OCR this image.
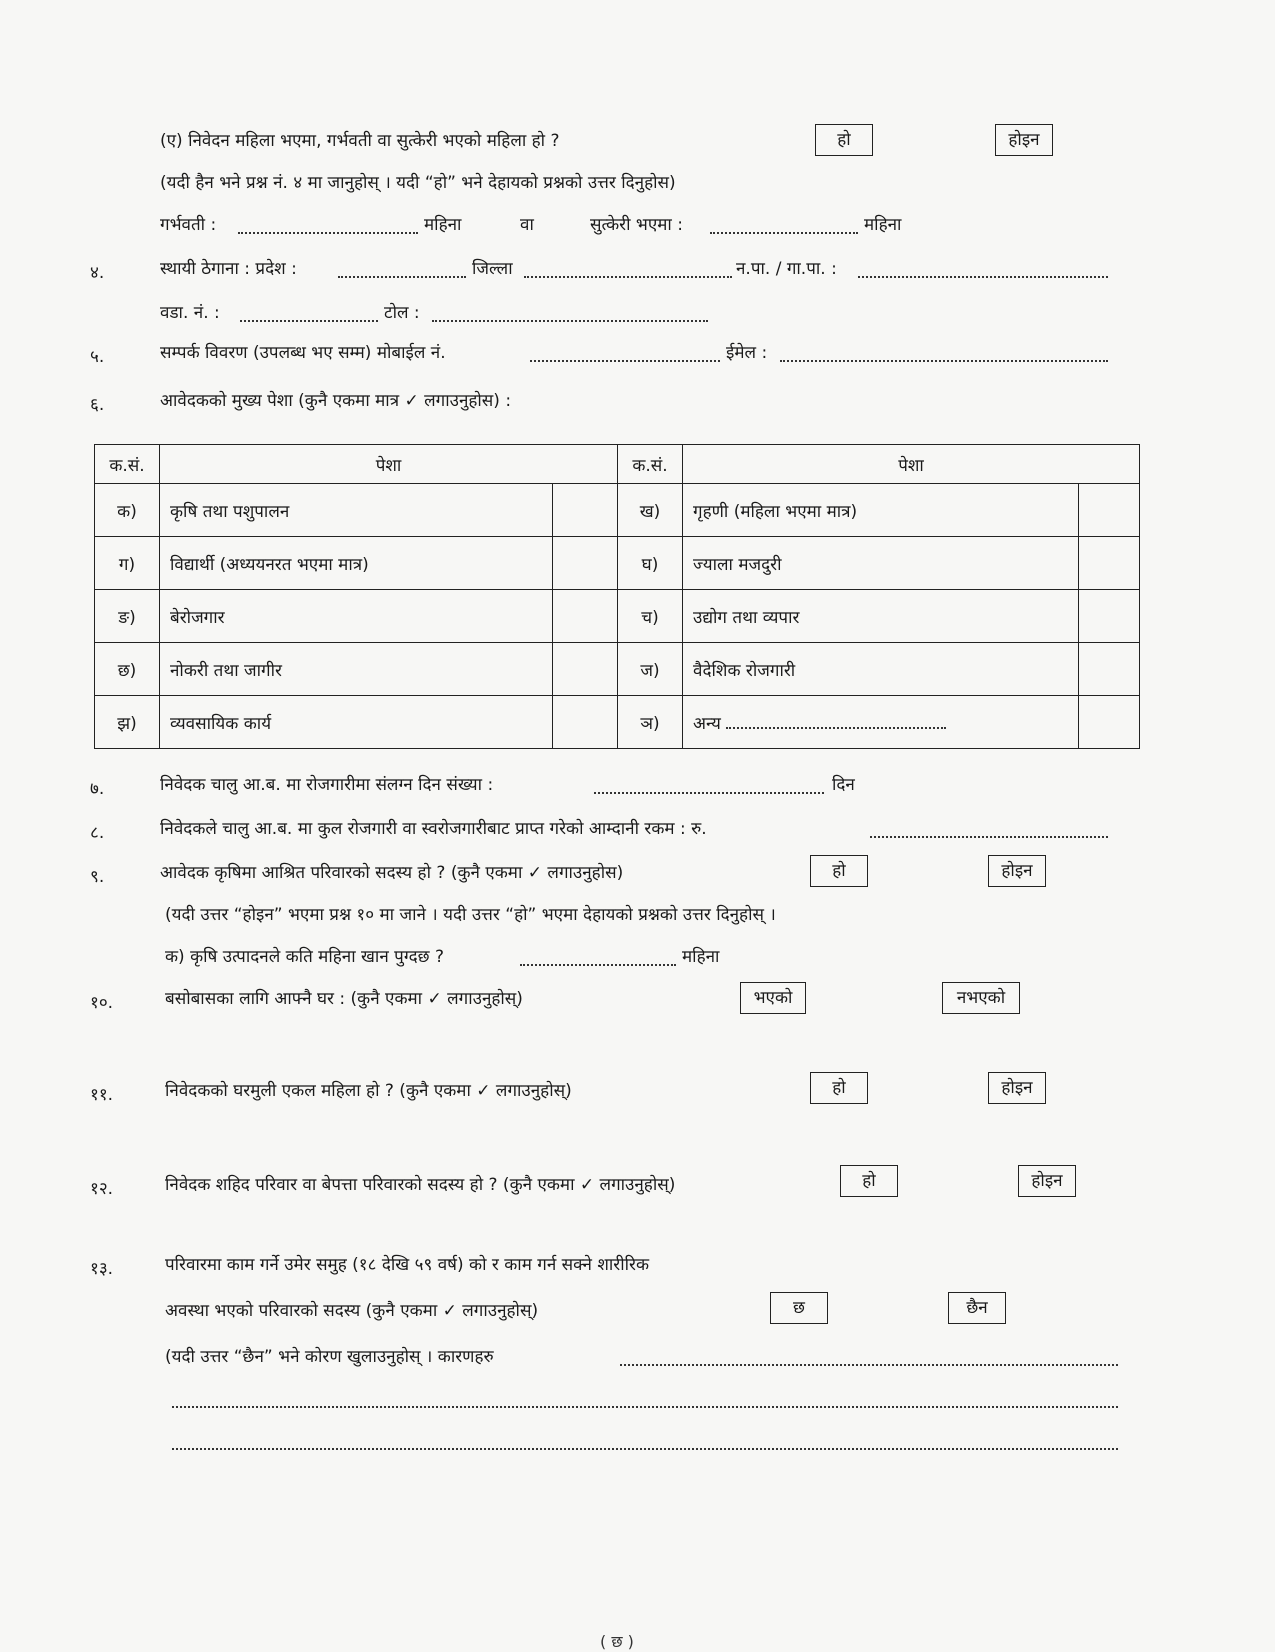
(ए) निवेदन महिला भएमा, गर्भवती वा सुत्केरी भएको महिला हो ?	हो	होइन
(यदी हैन भने प्रश्न नं. ४ मा जानुहोस् । यदी “हो” भने देहायको प्रश्नको उत्तर दिनुहोस)
गर्भवती :	महिना	वा	सुत्केरी भएमा :	महिना
४.	स्थायी ठेगाना : प्रदेश :	जिल्ला	न.पा. / गा.पा. :
वडा. नं. :	टोल :
५.	सम्पर्क विवरण (उपलब्ध भए सम्म) मोबाईल नं.	ईमेल :
६.	आवेदकको मुख्य पेशा (कुनै एकमा मात्र ✓ लगाउनुहोस) :
क.सं.	पेशा		क.सं.	पेशा	
क)	कृषि तथा पशुपालन		ख)	गृहणी (महिला भएमा मात्र)	
ग)	विद्यार्थी (अध्ययनरत भएमा मात्र)		घ)	ज्याला मजदुरी	
ङ)	बेरोजगार		च)	उद्योग तथा व्यपार	
छ)	नोकरी तथा जागीर		ज)	वैदेशिक रोजगारी	
झ)	व्यवसायिक कार्य		ञ)	अन्य	
७.	निवेदक चालु आ.ब. मा रोजगारीमा संलग्न दिन संख्या :	दिन
८.	निवेदकले चालु आ.ब. मा कुल रोजगारी वा स्वरोजगारीबाट प्राप्त गरेको आम्दानी रकम : रु.
९.	आवेदक कृषिमा आश्रित परिवारको सदस्य हो ? (कुनै एकमा ✓ लगाउनुहोस)	हो	होइन
(यदी उत्तर “होइन” भएमा प्रश्न १० मा जाने । यदी उत्तर “हो” भएमा देहायको प्रश्नको उत्तर दिनुहोस् ।
क) कृषि उत्पादनले कति महिना खान पुग्दछ ?	महिना
१०.	बसोबासका लागि आफ्नै घर : (कुनै एकमा ✓ लगाउनुहोस्)	भएको	नभएको
११.	निवेदकको घरमुली एकल महिला हो ? (कुनै एकमा ✓ लगाउनुहोस्)	हो	होइन
१२.	निवेदक शहिद परिवार वा बेपत्ता परिवारको सदस्य हो ? (कुनै एकमा ✓ लगाउनुहोस्)	हो	होइन
१३.	परिवारमा काम गर्ने उमेर समुह (१८ देखि ५९ वर्ष) को र काम गर्न सक्ने शारीरिक
अवस्था भएको परिवारको सदस्य (कुनै एकमा ✓ लगाउनुहोस्)	छ	छैन
(यदी उत्तर “छैन” भने कोरण खुलाउनुहोस् । कारणहरु
( छ )
